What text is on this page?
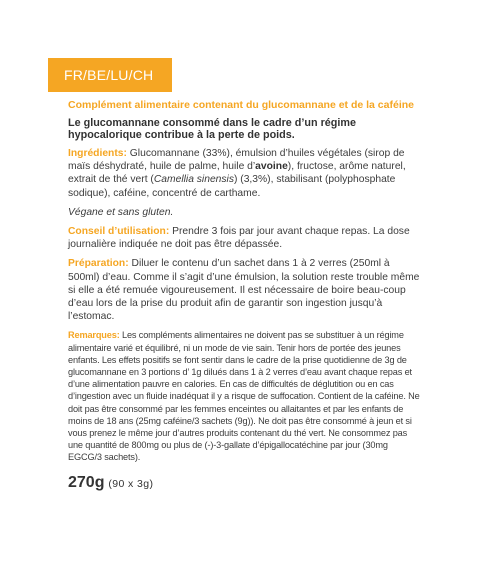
FR/BE/LU/CH

Complément alimentaire contenant du glucomannane et de la caféine

Le glucomannane consommé dans le cadre d’un régime hypocalorique contribue à la perte de poids.

Ingrédients: Glucomannane (33%), émulsion d’huiles végétales (sirop de maïs déshydraté, huile de palme, huile d’avoine), fructose, arôme naturel, extrait de thé vert (Camellia sinensis) (3,3%), stabilisant (polyphosphate sodique), caféine, concentré de carthame.

Végane et sans gluten.

Conseil d’utilisation: Prendre 3 fois par jour avant chaque repas. La dose journalière indiquée ne doit pas être dépassée.

Préparation: Diluer le contenu d’un sachet dans 1 à 2 verres (250ml à 500ml) d’eau. Comme il s’agit d’une émulsion, la solution reste trouble même si elle a été remuée vigoureusement. Il est nécessaire de boire beau-coup d’eau lors de la prise du produit afin de garantir son ingestion jusqu’à l’estomac.

Remarques: Les compléments alimentaires ne doivent pas se substituer à un régime alimentaire varié et équilibré, ni un mode de vie sain. Tenir hors de portée des jeunes enfants. Les effets positifs se font sentir dans le cadre de la prise quotidienne de 3g de glucomannane en 3 portions d’ 1g dilués dans 1 à 2 verres d’eau avant chaque repas et d’une alimentation pauvre en calories. En cas de difficultés de déglutition ou en cas d’ingestion avec un fluide inadéquat il y a risque de suffocation. Contient de la caféine. Ne doit pas être consommé par les femmes enceintes ou allaitantes et par les enfants de moins de 18 ans (25mg caféine/3 sachets (9g)). Ne doit pas être consommé à jeun et si vous prenez le même jour d’autres produits contenant du thé vert. Ne consommez pas une quantité de 800mg ou plus de (-)-3-gallate d’épigallocatéchine par jour (30mg EGCG/3 sachets).

270g (90 x 3g)
